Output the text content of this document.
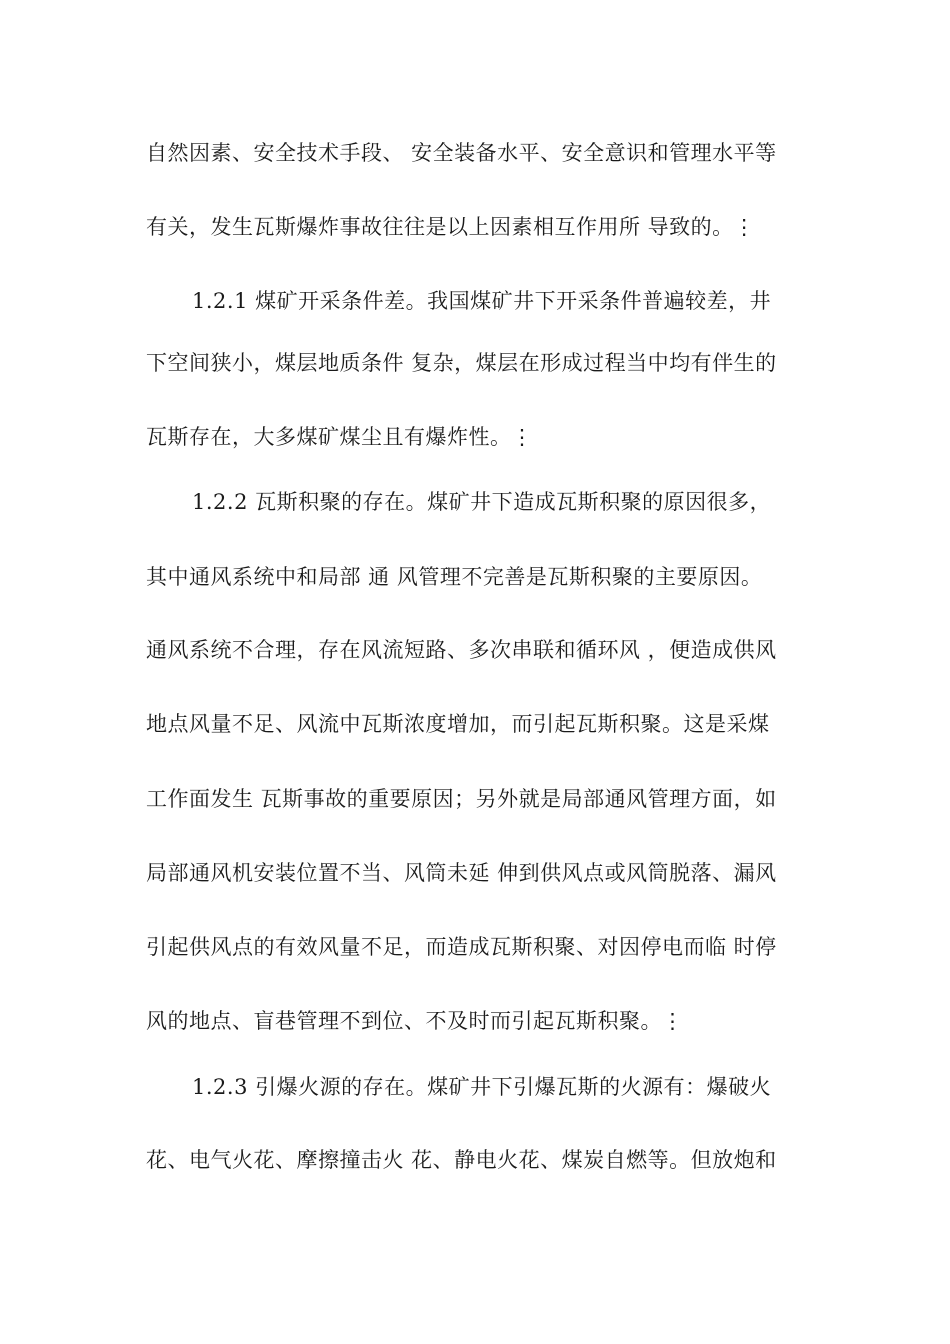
自然因素、安全技术手段、 安全装备水平、安全意识和管理水平等
有关，发生瓦斯爆炸事故往往是以上因素相互作用所 导致的。⋮
1.2.1 煤矿开采条件差。我国煤矿井下开采条件普遍较差，井
下空间狭小，煤层地质条件 复杂，煤层在形成过程当中均有伴生的
瓦斯存在，大多煤矿煤尘且有爆炸性。⋮
1.2.2 瓦斯积聚的存在。煤矿井下造成瓦斯积聚的原因很多，
其中通风系统中和局部 通 风管理不完善是瓦斯积聚的主要原因。
通风系统不合理，存在风流短路、多次串联和循环风 ，便造成供风
地点风量不足、风流中瓦斯浓度增加，而引起瓦斯积聚。这是采煤
工作面发生 瓦斯事故的重要原因；另外就是局部通风管理方面，如
局部通风机安装位置不当、风筒未延 伸到供风点或风筒脱落、漏风
引起供风点的有效风量不足，而造成瓦斯积聚、对因停电而临 时停
风的地点、盲巷管理不到位、不及时而引起瓦斯积聚。⋮
1.2.3 引爆火源的存在。煤矿井下引爆瓦斯的火源有：爆破火
花、电气火花、摩擦撞击火 花、静电火花、煤炭自燃等。但放炮和
